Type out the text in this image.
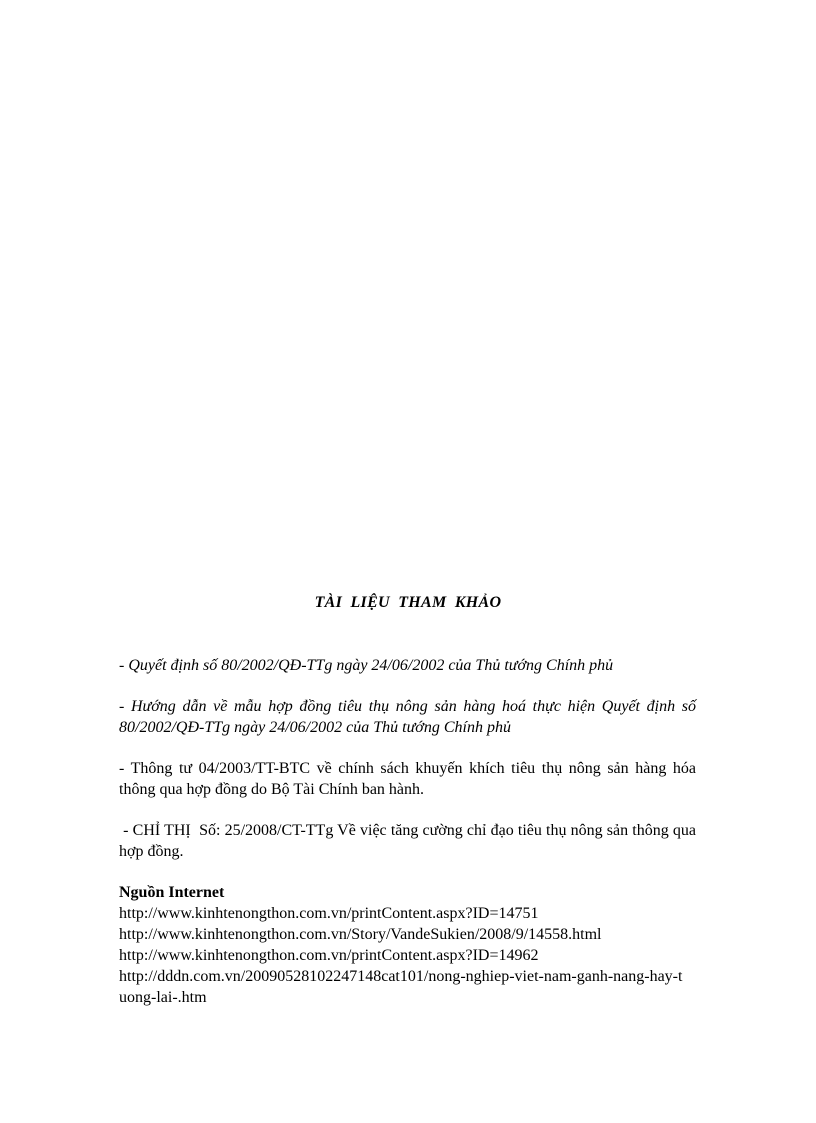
TÀI LIỆU THAM KHẢO

- Quyết định số 80/2002/QĐ-TTg ngày 24/06/2002 của Thủ tướng Chính phủ

- Hướng dẫn về mẫu hợp đồng tiêu thụ nông sản hàng hoá thực hiện Quyết định số 80/2002/QĐ-TTg ngày 24/06/2002 của Thủ tướng Chính phủ

- Thông tư 04/2003/TT-BTC về chính sách khuyến khích tiêu thụ nông sản hàng hóa thông qua hợp đồng do Bộ Tài Chính ban hành.

- CHỈ THỊ  Số: 25/2008/CT-TTg Về việc tăng cường chỉ đạo tiêu thụ nông sản thông qua hợp đồng.

Nguồn Internet

http://www.kinhtenongthon.com.vn/printContent.aspx?ID=14751

http://www.kinhtenongthon.com.vn/Story/VandeSukien/2008/9/14558.html

http://www.kinhtenongthon.com.vn/printContent.aspx?ID=14962

http://dddn.com.vn/20090528102247148cat101/nong-nghiep-viet-nam-ganh-nang-hay-tuong-lai-.htm
